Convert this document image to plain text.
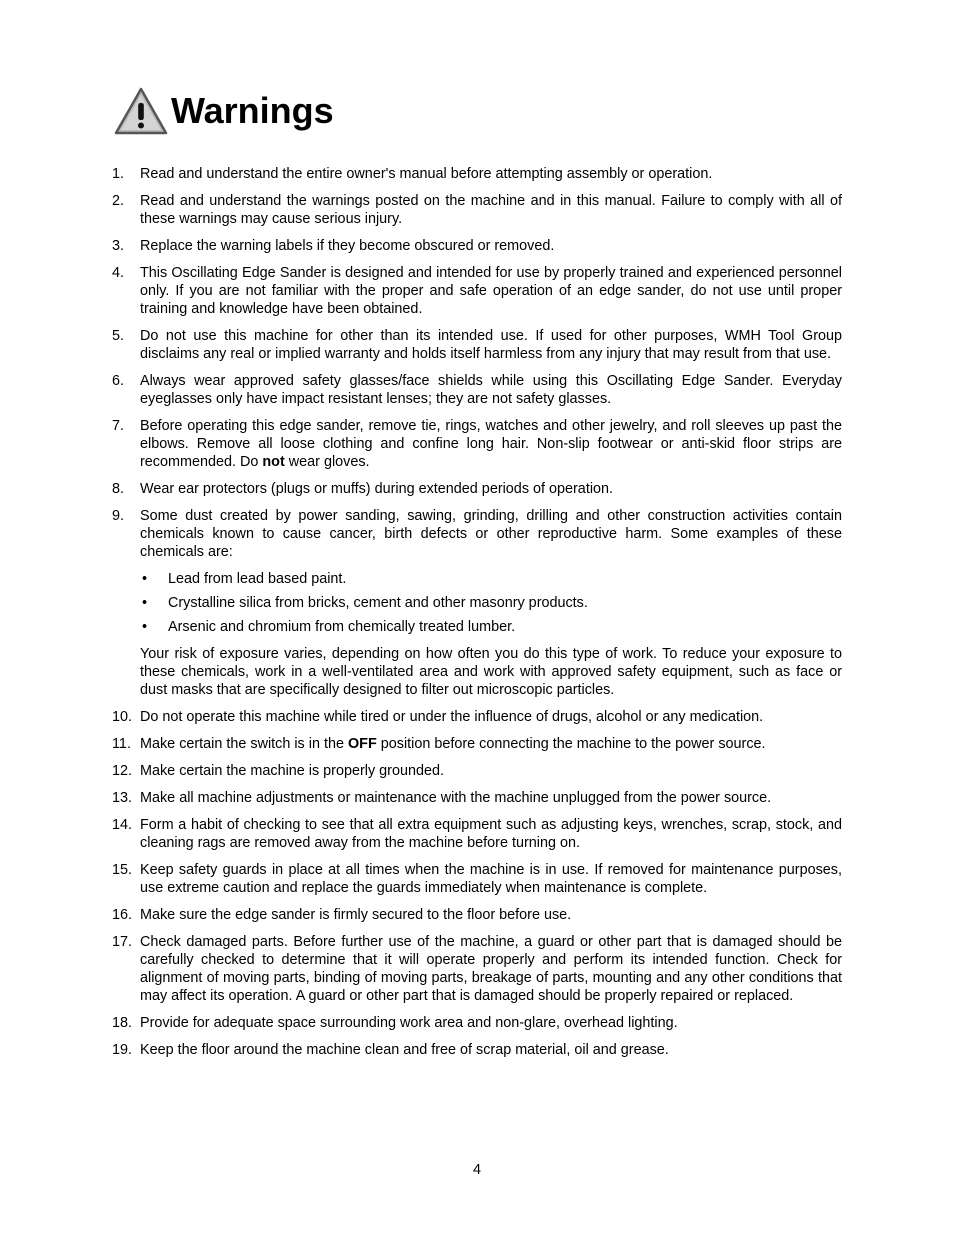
Warnings
1.	Read and understand the entire owner's manual before attempting assembly or operation.
2.	Read and understand the warnings posted on the machine and in this manual. Failure to comply with all of these warnings may cause serious injury.
3.	Replace the warning labels if they become obscured or removed.
4.	This Oscillating Edge Sander is designed and intended for use by properly trained and experienced personnel only. If you are not familiar with the proper and safe operation of an edge sander, do not use until proper training and knowledge have been obtained.
5.	Do not use this machine for other than its intended use. If used for other purposes, WMH Tool Group disclaims any real or implied warranty and holds itself harmless from any injury that may result from that use.
6.	Always wear approved safety glasses/face shields while using this Oscillating Edge Sander. Everyday eyeglasses only have impact resistant lenses; they are not safety glasses.
7.	Before operating this edge sander, remove tie, rings, watches and other jewelry, and roll sleeves up past the elbows. Remove all loose clothing and confine long hair. Non-slip footwear or anti-skid floor strips are recommended. Do not wear gloves.
8.	Wear ear protectors (plugs or muffs) during extended periods of operation.
9.	Some dust created by power sanding, sawing, grinding, drilling and other construction activities contain chemicals known to cause cancer, birth defects or other reproductive harm. Some examples of these chemicals are:
• Lead from lead based paint.
• Crystalline silica from bricks, cement and other masonry products.
• Arsenic and chromium from chemically treated lumber.
Your risk of exposure varies, depending on how often you do this type of work. To reduce your exposure to these chemicals, work in a well-ventilated area and work with approved safety equipment, such as face or dust masks that are specifically designed to filter out microscopic particles.
10. Do not operate this machine while tired or under the influence of drugs, alcohol or any medication.
11. Make certain the switch is in the OFF position before connecting the machine to the power source.
12. Make certain the machine is properly grounded.
13. Make all machine adjustments or maintenance with the machine unplugged from the power source.
14. Form a habit of checking to see that all extra equipment such as adjusting keys, wrenches, scrap, stock, and cleaning rags are removed away from the machine before turning on.
15. Keep safety guards in place at all times when the machine is in use. If removed for maintenance purposes, use extreme caution and replace the guards immediately when maintenance is complete.
16. Make sure the edge sander is firmly secured to the floor before use.
17. Check damaged parts. Before further use of the machine, a guard or other part that is damaged should be carefully checked to determine that it will operate properly and perform its intended function. Check for alignment of moving parts, binding of moving parts, breakage of parts, mounting and any other conditions that may affect its operation. A guard or other part that is damaged should be properly repaired or replaced.
18. Provide for adequate space surrounding work area and non-glare, overhead lighting.
19. Keep the floor around the machine clean and free of scrap material, oil and grease.
4
